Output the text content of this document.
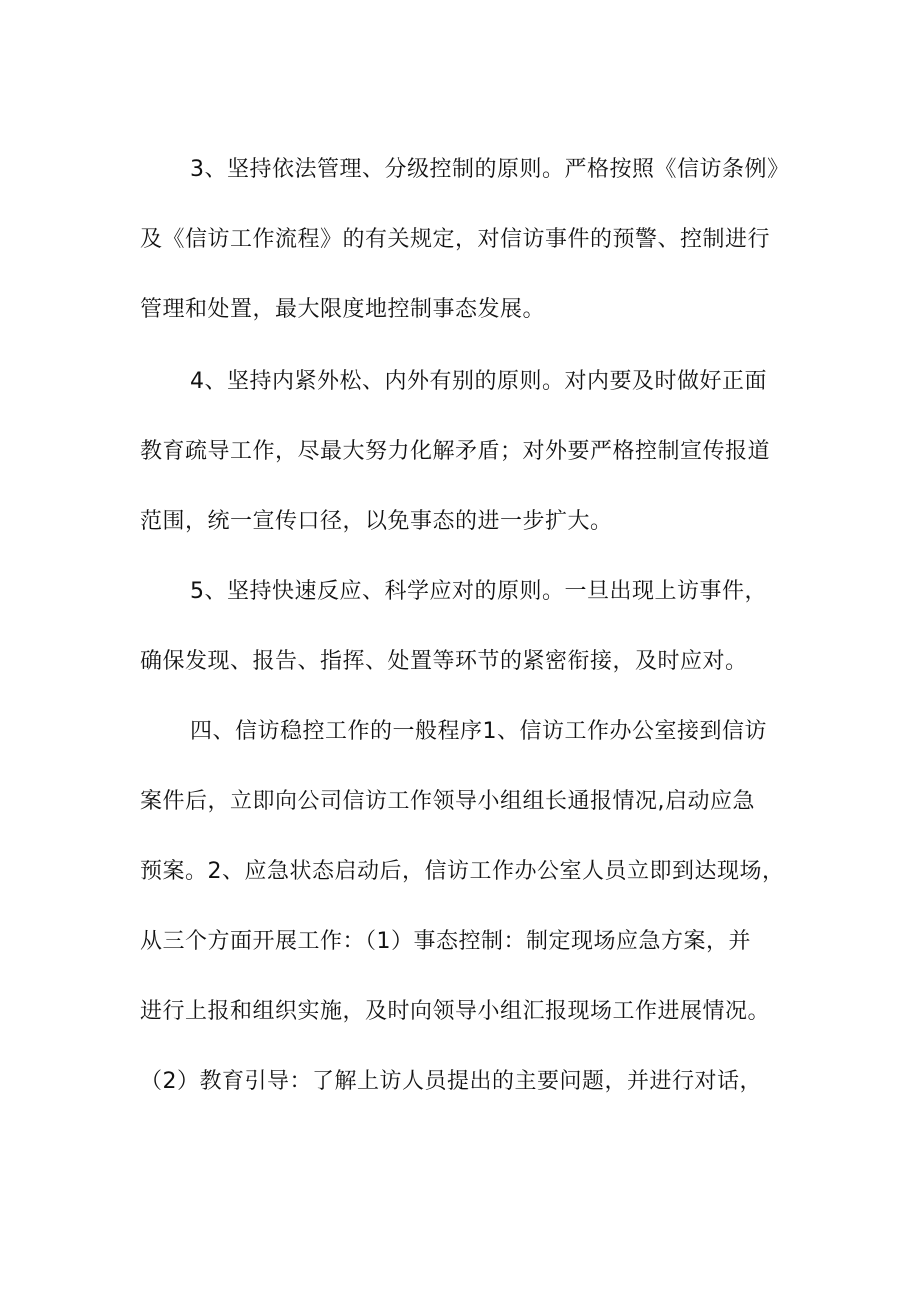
3、坚持依法管理、分级控制的原则。严格按照《信访条例》
及《信访工作流程》的有关规定，对信访事件的预警、控制进行
管理和处置，最大限度地控制事态发展。
4、坚持内紧外松、内外有别的原则。对内要及时做好正面
教育疏导工作，尽最大努力化解矛盾；对外要严格控制宣传报道
范围，统一宣传口径，以免事态的进一步扩大。
5、坚持快速反应、科学应对的原则。一旦出现上访事件，
确保发现、报告、指挥、处置等环节的紧密衔接，及时应对。
四、信访稳控工作的一般程序1、信访工作办公室接到信访
案件后，立即向公司信访工作领导小组组长通报情况,启动应急
预案。2、应急状态启动后，信访工作办公室人员立即到达现场，
从三个方面开展工作：（1）事态控制：制定现场应急方案，并
进行上报和组织实施，及时向领导小组汇报现场工作进展情况。
（2）教育引导：了解上访人员提出的主要问题，并进行对话，
